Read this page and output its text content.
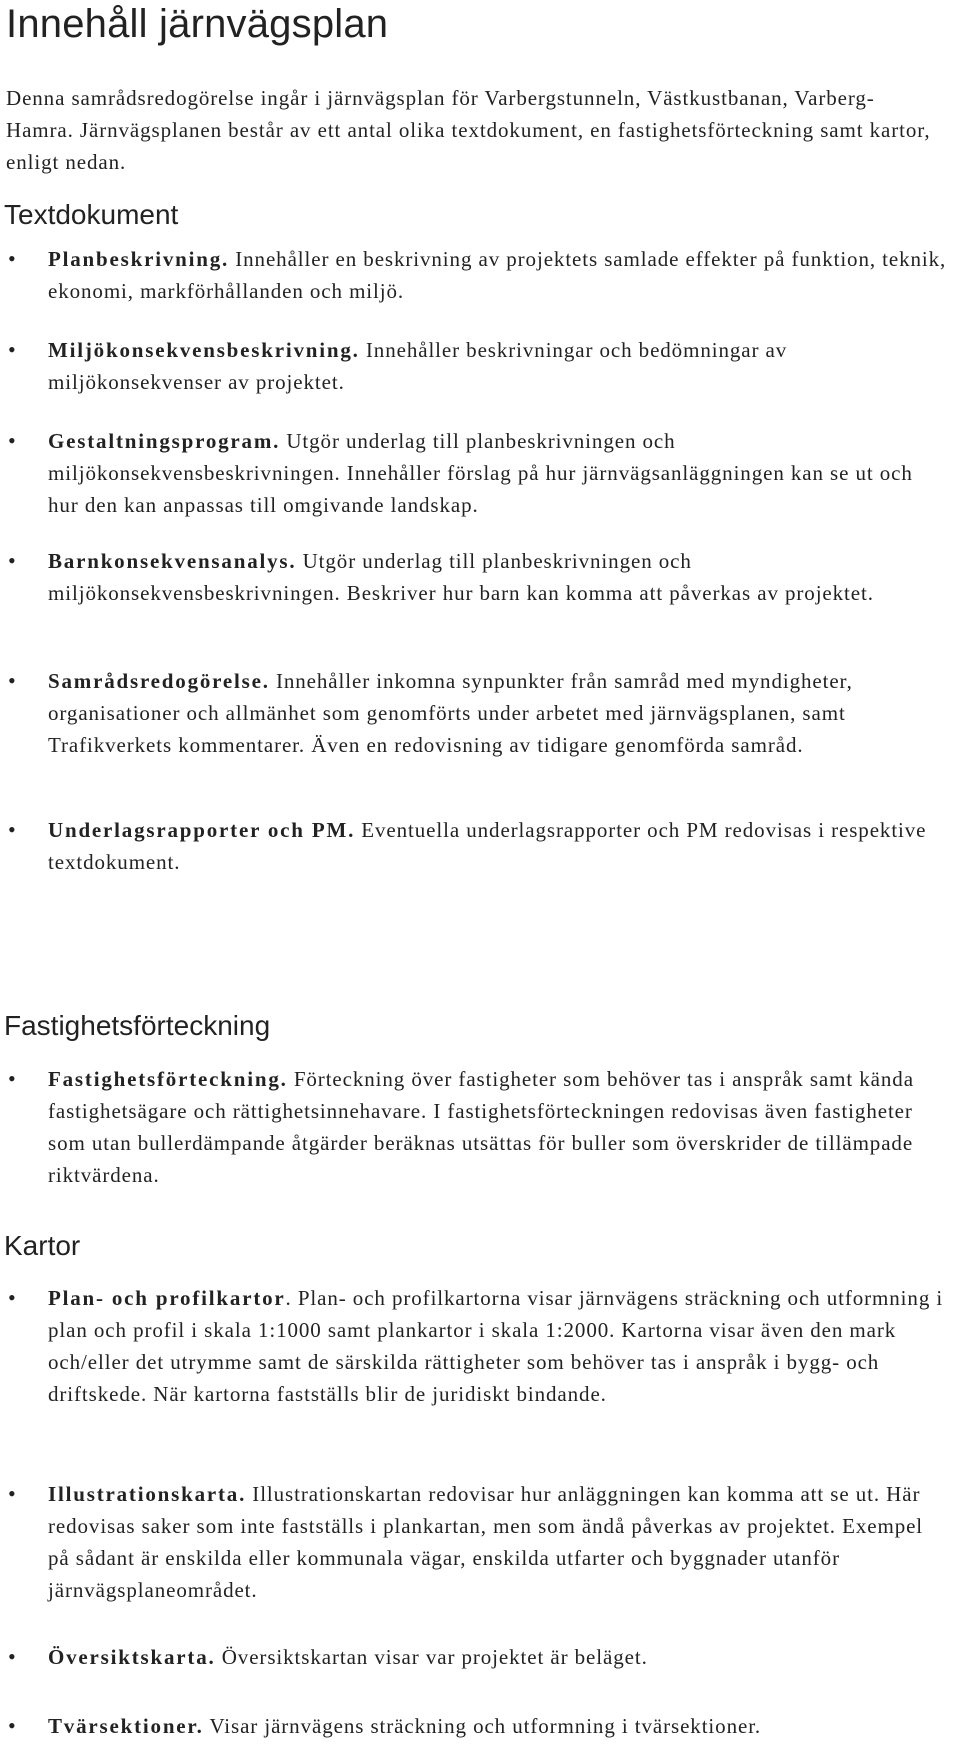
Innehåll järnvägsplan

Denna samrådsredogörelse ingår i järnvägsplan för Varbergstunneln, Västkustbanan, Varberg-Hamra. Järnvägsplanen består av ett antal olika textdokument, en fastighetsförteckning samt kartor, enligt nedan.

Textdokument
• Planbeskrivning. Innehåller en beskrivning av projektets samlade effekter på funktion, teknik, ekonomi, markförhållanden och miljö.

• Miljökonsekvensbeskrivning. Innehåller beskrivningar och bedömningar av miljökonsekvenser av projektet.

• Gestaltningsprogram. Utgör underlag till planbeskrivningen och miljökonsekvensbeskrivningen. Innehåller förslag på hur järnvägsanläggningen kan se ut och hur den kan anpassas till omgivande landskap.

• Barnkonsekvensanalys. Utgör underlag till planbeskrivningen och miljökonsekvensbeskrivningen. Beskriver hur barn kan komma att påverkas av projektet.

• Samrådsredogörelse. Innehåller inkomna synpunkter från samråd med myndigheter, organisationer och allmänhet som genomförts under arbetet med järnvägsplanen, samt Trafikverkets kommentarer. Även en redovisning av tidigare genomförda samråd.

• Underlagsrapporter och PM. Eventuella underlagsrapporter och PM redovisas i respektive textdokument.

Fastighetsförteckning
• Fastighetsförteckning. Förteckning över fastigheter som behöver tas i anspråk samt kända fastighetsägare och rättighetsinnehavare. I fastighetsförteckningen redovisas även fastigheter som utan bullerdämpande åtgärder beräknas utsättas för buller som överskrider de tillämpade riktvärdena.

Kartor
• Plan- och profilkartor. Plan- och profilkartorna visar järnvägens sträckning och utformning i plan och profil i skala 1:1000 samt plankartor i skala 1:2000. Kartorna visar även den mark och/eller det utrymme samt de särskilda rättigheter som behöver tas i anspråk i bygg- och driftskede. När kartorna fastställs blir de juridiskt bindande.

• Illustrationskarta. Illustrationskartan redovisar hur anläggningen kan komma att se ut. Här redovisas saker som inte fastställs i plankartan, men som ändå påverkas av projektet. Exempel på sådant är enskilda eller kommunala vägar, enskilda utfarter och byggnader utanför järnvägsplaneområdet.

• Översiktskarta. Översiktskartan visar var projektet är beläget.

• Tvärsektioner. Visar järnvägens sträckning och utformning i tvärsektioner.
